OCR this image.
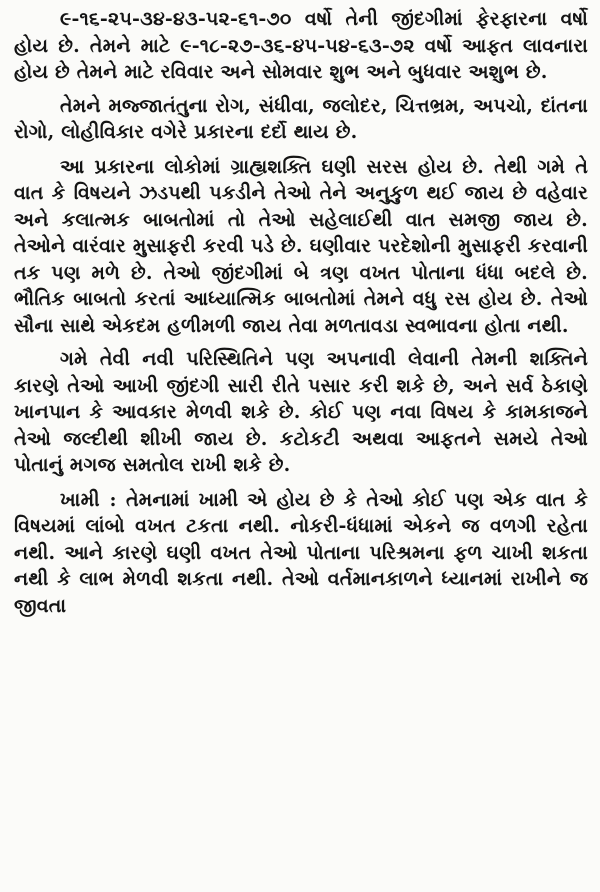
૯-૧૬-૨૫-૩૪-૪૩-૫૨-૬૧-૭૦ વર્ષો તેની જીંદગીમાં ફેરફારના વર્ષો હોય છે. તેમને માટે ૯-૧૮-૨૭-૩૬-૪૫-૫૪-૬૩-૭૨ વર્ષો આફત લાવનારા હોય છે તેમને માટે રવિવાર અને સોમવાર શુભ અને બુધવાર અશુભ છે.

તેમને મજ્જાતંતુના રોગ, સંધીવા, જલોદર, ચિત્તભ્રમ, અપચો, દાંતના રોગો, લોહીવિકાર વગેરે પ્રકારના દર્દો થાય છે.

આ પ્રકારના લોકોમાં ગ્રાહ્યશક્તિ ઘણી સરસ હોય છે. તેથી ગમે તે વાત કે વિષયને ઝડપથી પકડીને તેઓ તેને અનુકુળ થઈ જાય છે વહેવાર અને કલાત્મક બાબતોમાં તો તેઓ સહેલાઈથી વાત સમજી જાય છે. તેઓને વારંવાર મુસાફરી કરવી પડે છે. ઘણીવાર પરદેશોની મુસાફરી કરવાની તક પણ મળે છે. તેઓ જીંદગીમાં બે ત્રણ વખત પોતાના ધંધા બદલે છે. ભૌતિક બાબતો કરતાં આધ્યાત્મિક બાબતોમાં તેમને વધુ રસ હોય છે. તેઓ સૌના સાથે એકદમ હળીમળી જાય તેવા મળતાવડા સ્વભાવના હોતા નથી.

ગમે તેવી નવી પરિસ્થિતિને પણ અપનાવી લેવાની તેમની શક્તિને કારણે તેઓ આખી જીંદગી સારી રીતે પસાર કરી શકે છે, અને સર્વ ઠેકાણે ખાનપાન કે આવકાર મેળવી શકે છે. કોઈ પણ નવા વિષય કે કામકાજને તેઓ જલ્દીથી શીખી જાય છે. કટોકટી અથવા આફતને સમયે તેઓ પોતાનું મગજ સમતોલ રાખી શકે છે.

ખામી : તેમનામાં ખામી એ હોય છે કે તેઓ કોઈ પણ એક વાત કે વિષયમાં લાંબો વખત ટકતા નથી. નોકરી-ધંધામાં એકને જ વળગી રહેતા નથી. આને કારણે ઘણી વખત તેઓ પોતાના પરિશ્રમના ફળ ચાખી શકતા નથી કે લાભ મેળવી શકતા નથી. તેઓ વર્તમાનકાળને ધ્યાનમાં રાખીને જ જીવતા
